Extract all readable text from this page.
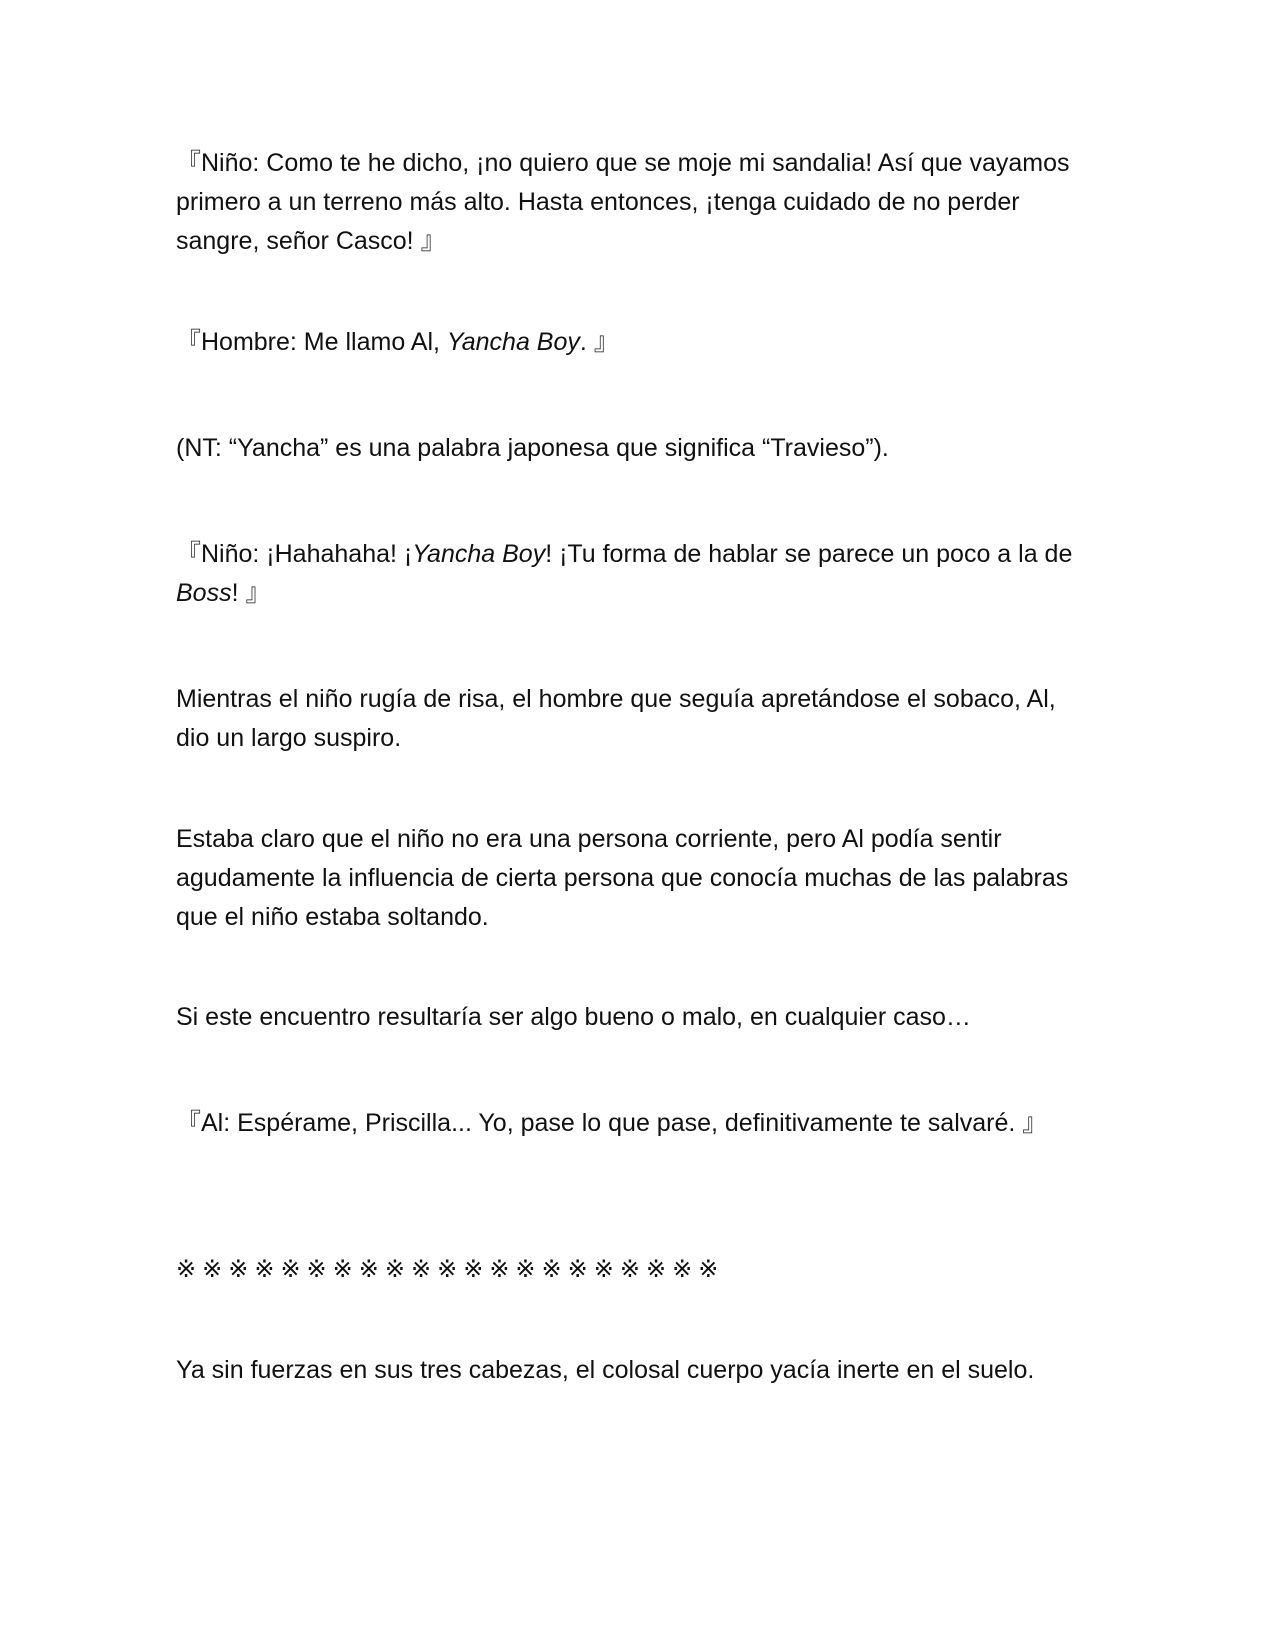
『Niño: Como te he dicho, ¡no quiero que se moje mi sandalia! Así que vayamos primero a un terreno más alto. Hasta entonces, ¡tenga cuidado de no perder sangre, señor Casco! 』

『Hombre: Me llamo Al, Yancha Boy. 』

(NT: “Yancha” es una palabra japonesa que significa “Travieso”).

『Niño: ¡Hahahaha! ¡Yancha Boy! ¡Tu forma de hablar se parece un poco a la de Boss! 』

Mientras el niño rugía de risa, el hombre que seguía apretándose el sobaco, Al, dio un largo suspiro.

Estaba claro que el niño no era una persona corriente, pero Al podía sentir agudamente la influencia de cierta persona que conocía muchas de las palabras que el niño estaba soltando.

Si este encuentro resultaría ser algo bueno o malo, en cualquier caso…

『Al: Espérame, Priscilla... Yo, pase lo que pase, definitivamente te salvaré. 』

※※※※※※※※※※※※※※※※※※※※※

Ya sin fuerzas en sus tres cabezas, el colosal cuerpo yacía inerte en el suelo.
